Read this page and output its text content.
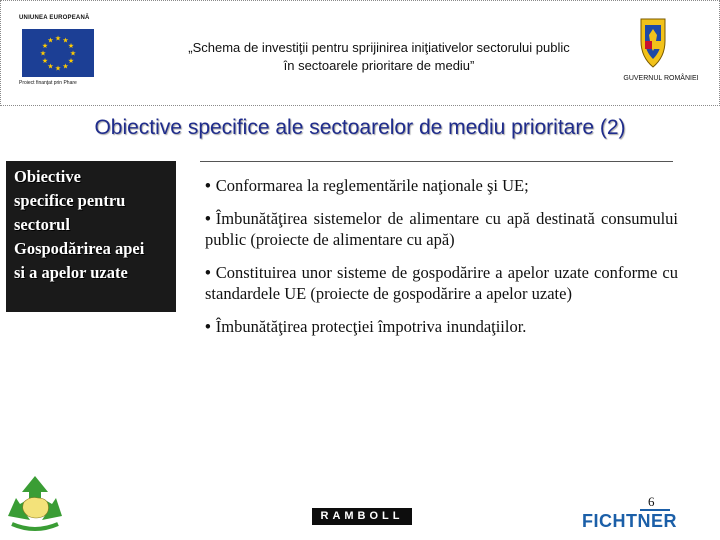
UNIUNEA EUROPEANĂ
★ ★
★
★
★
★
★
★
★
★
★
★
Proiect finanţat prin Phare
„Schema de investiţii pentru sprijinirea iniţiativelor sectorului public
în sectoarele prioritare de mediu”
GUVERNUL ROMÂNIEI
Obiective specifice ale sectoarelor de mediu prioritare (2)
Obiective
specifice pentru
sectorul
Gospodărirea apei
si a apelor uzate
• Conformarea la reglementările naţionale şi UE;
• Îmbunătăţirea sistemelor de alimentare cu apă destinată consumului public (proiecte de alimentare cu apă)
• Constituirea unor sisteme de gospodărire a apelor uzate conforme cu standardele UE (proiecte de gospodărire a apelor uzate)
• Îmbunătăţirea protecţiei împotriva inundaţiilor.
RAMBOLL
6
FICHTNER
